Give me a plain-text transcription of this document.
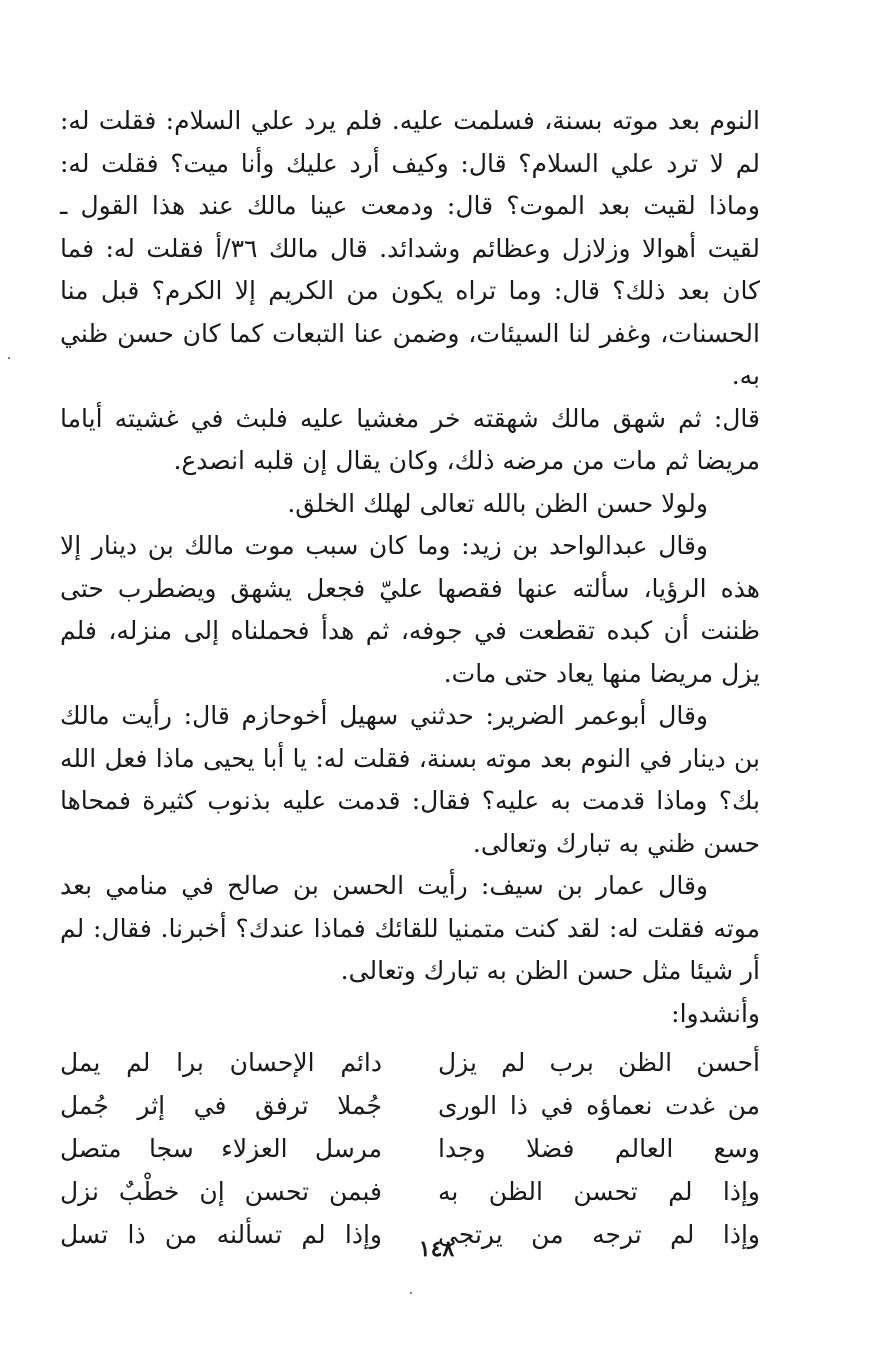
النوم بعد موته بسنة، فسلمت عليه. فلم يرد علي السلام: فقلت له: لم لا ترد علي السلام؟ قال: وكيف أرد عليك وأنا ميت؟ فقلت له: وماذا لقيت بعد الموت؟ قال: ودمعت عينا مالك عند هذا القول ـ لقيت أهوالا وزلازل وعظائم وشدائد. قال مالك ٣٦/أ فقلت له: فما كان بعد ذلك؟ قال: وما تراه يكون من الكريم إلا الكرم؟ قبل منا الحسنات، وغفر لنا السيئات، وضمن عنا التبعات كما كان حسن ظني به.

قال: ثم شهق مالك شهقته خر مغشيا عليه فلبث في غشيته أياما مريضا ثم مات من مرضه ذلك، وكان يقال إن قلبه انصدع.

ولولا حسن الظن بالله تعالى لهلك الخلق.

وقال عبدالواحد بن زيد: وما كان سبب موت مالك بن دينار إلا هذه الرؤيا، سألته عنها فقصها عليّ فجعل يشهق ويضطرب حتى ظننت أن كبده تقطعت في جوفه، ثم هدأ فحملناه إلى منزله، فلم يزل مريضا منها يعاد حتى مات.

وقال أبوعمر الضرير: حدثني سهيل أخوحازم قال: رأيت مالك بن دينار في النوم بعد موته بسنة، فقلت له: يا أبا يحيى ماذا فعل الله بك؟ وماذا قدمت به عليه؟ فقال: قدمت عليه بذنوب كثيرة فمحاها حسن ظني به تبارك وتعالى.

وقال عمار بن سيف: رأيت الحسن بن صالح في منامي بعد موته فقلت له: لقد كنت متمنيا للقائك فماذا عندك؟ أخبرنا. فقال: لم أر شيئا مثل حسن الظن به تبارك وتعالى.

وأنشدوا:

أحسن الظن برب لم يزل
دائم الإحسان برا لم يمل
من غدت نعماؤه في ذا الورى
جُملا ترفق في إثر جُمل
وسع العالم فضلا وجدا
مرسل العزلاء سجا متصل
وإذا لم تحسن الظن به
فبمن تحسن إن خطْبٌ نزل
وإذا لم ترجه من يرتجى
وإذا لم تسألنه من ذا تسل	١٤٨
